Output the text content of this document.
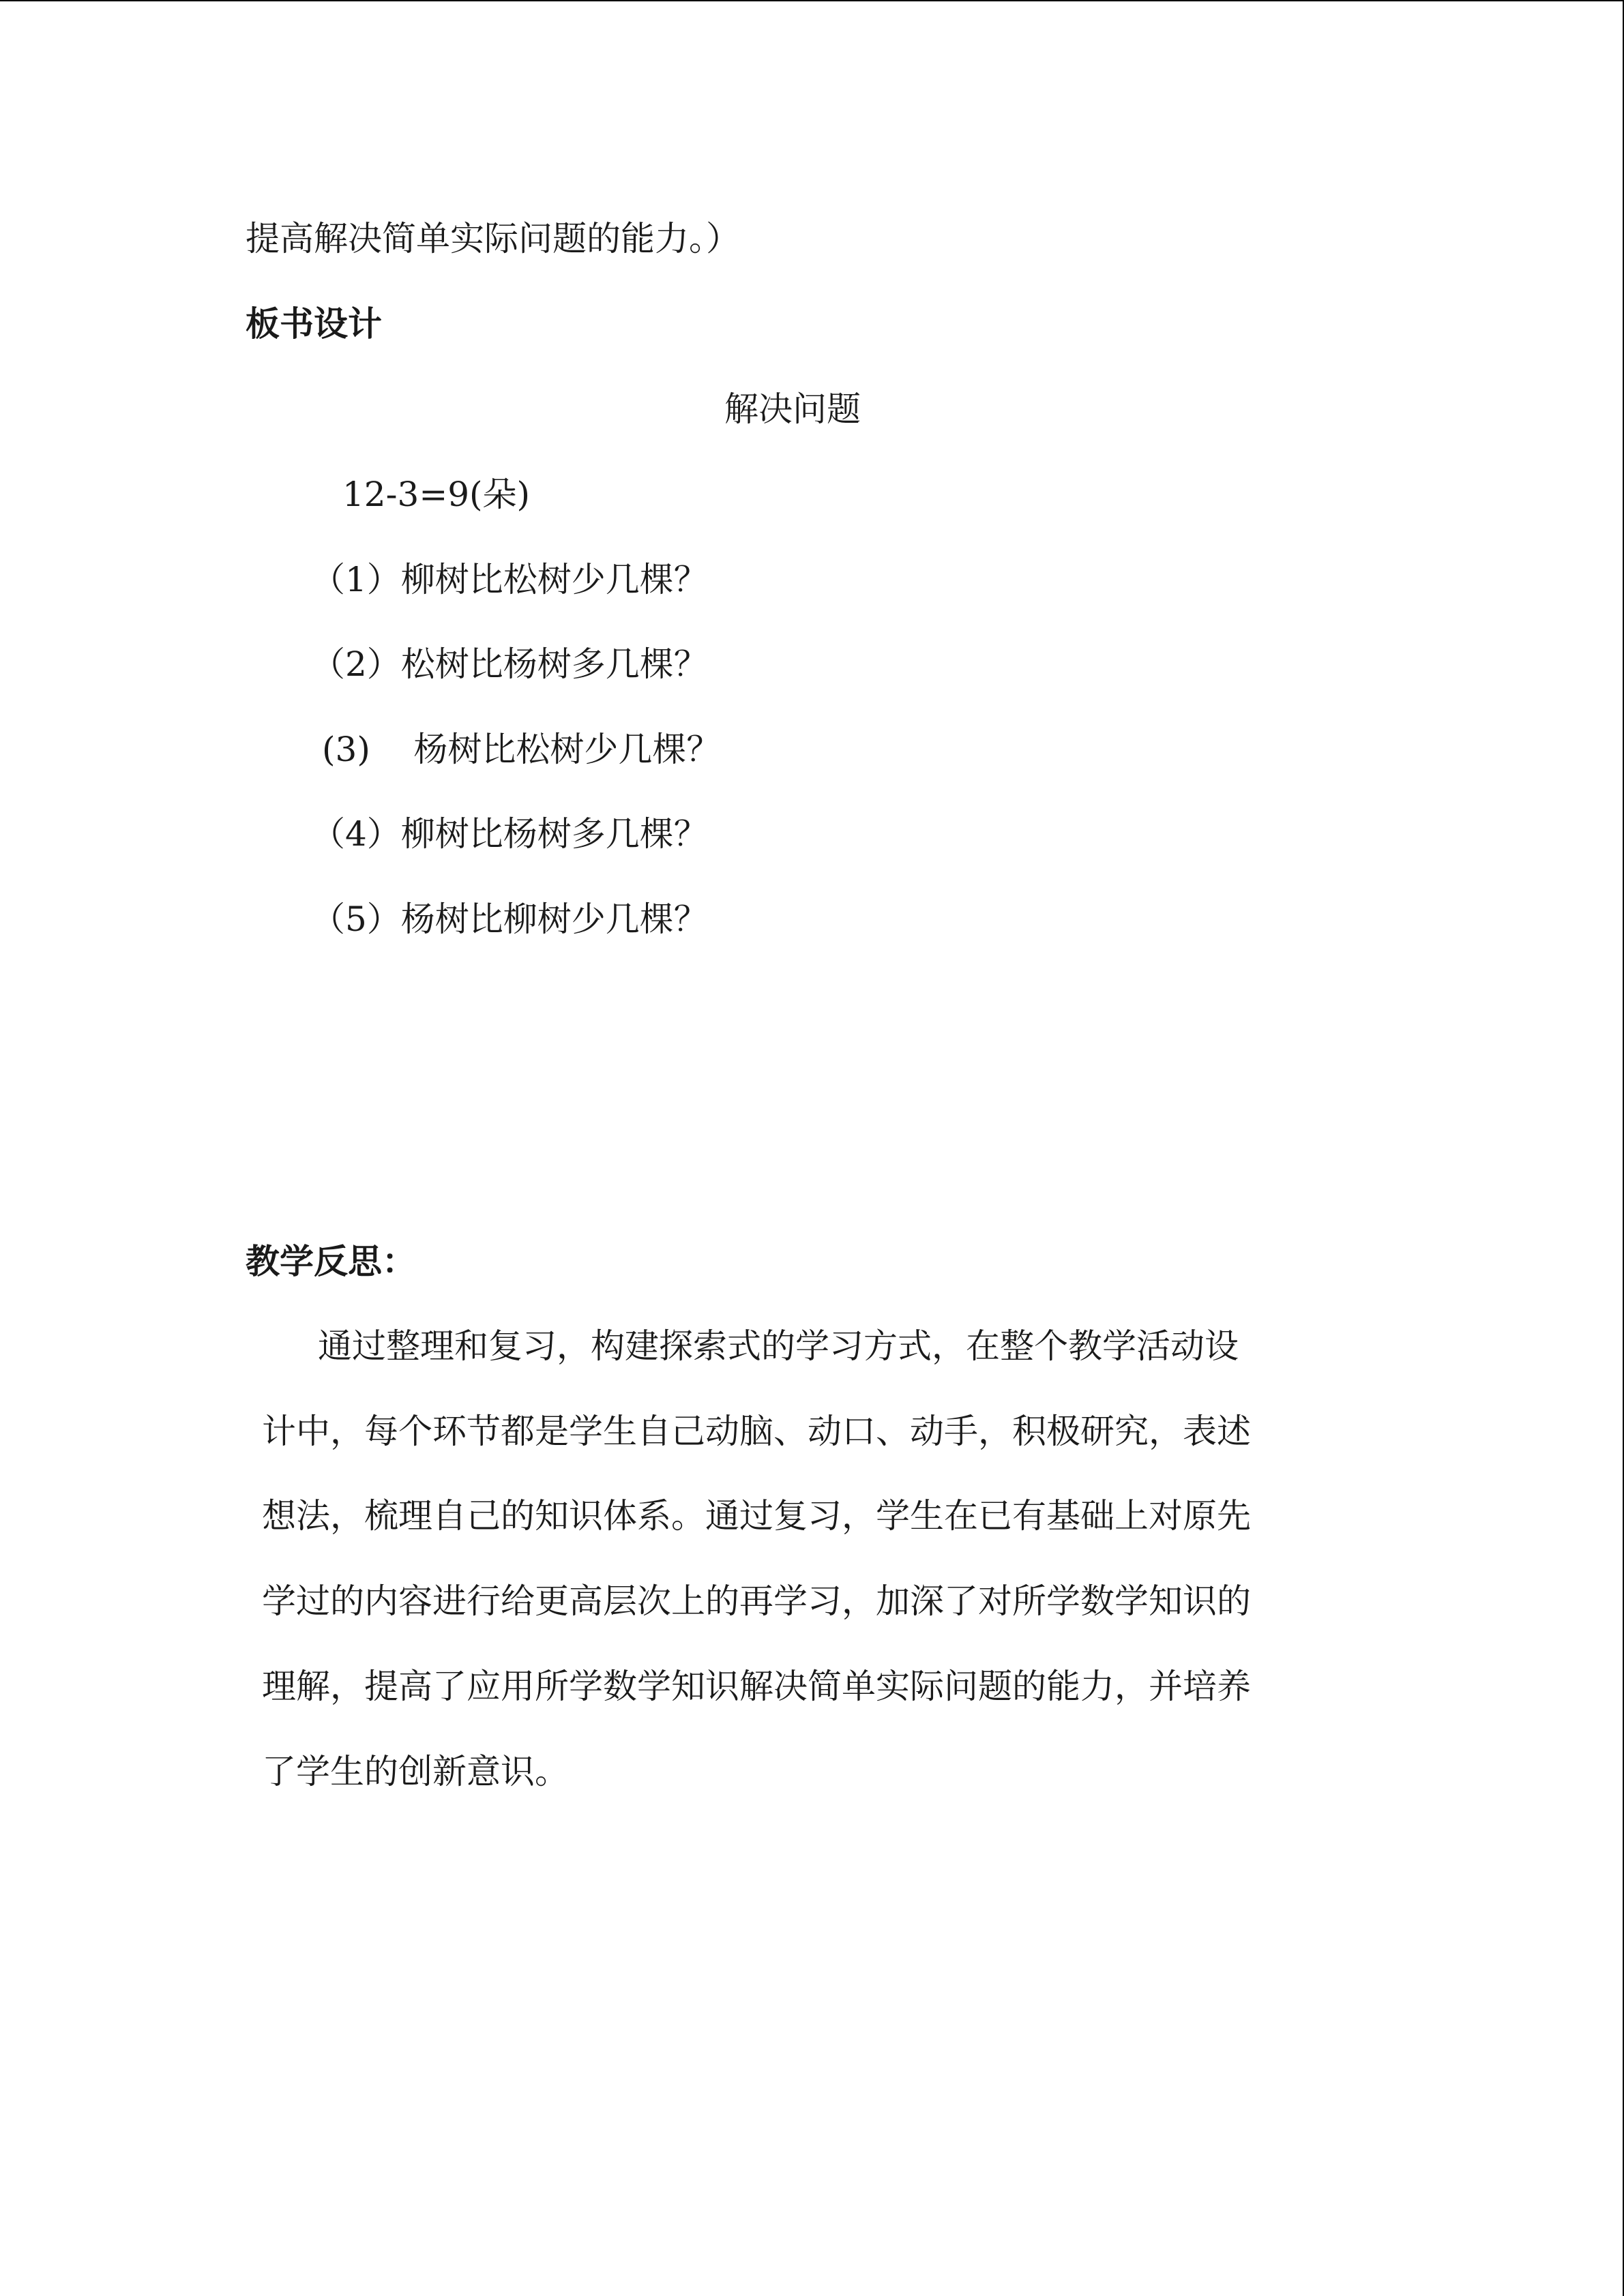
提高解决简单实际问题的能力。）
板书设计
解决问题
12-3=9(朵)
（1）柳树比松树少几棵？
（2）松树比杨树多几棵？
(3)    杨树比松树少几棵？
（4）柳树比杨树多几棵？
（5）杨树比柳树少几棵？
教学反思：
通过整理和复习，构建探索式的学习方式，在整个教学活动设
计中，每个环节都是学生自己动脑、动口、动手，积极研究，表述
想法，梳理自己的知识体系。通过复习，学生在已有基础上对原先
学过的内容进行给更高层次上的再学习，加深了对所学数学知识的
理解，提高了应用所学数学知识解决简单实际问题的能力，并培养
了学生的创新意识。
